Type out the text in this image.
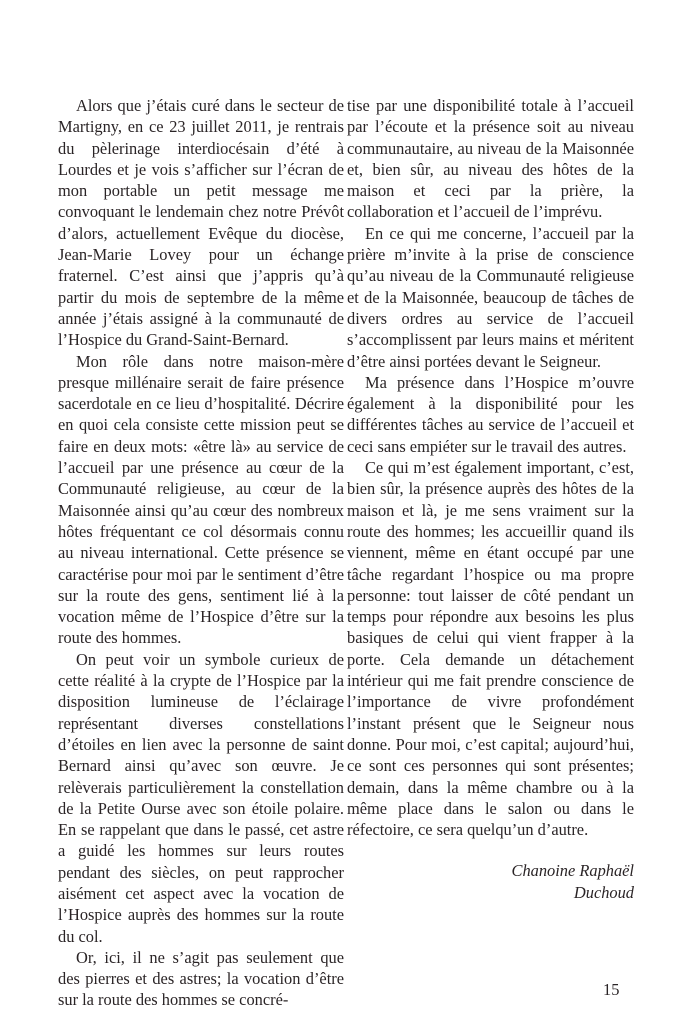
Alors que j’étais curé dans le secteur de Martigny, en ce 23 juillet 2011, je rentrais du pèlerinage interdiocésain d’été à Lourdes et je vois s’afficher sur l’écran de mon portable un petit message me convoquant le lendemain chez notre Prévôt d’alors, actuellement Evêque du diocèse, Jean-Marie Lovey pour un échange fraternel. C’est ainsi que j’appris qu’à partir du mois de septembre de la même année j’étais assigné à la communauté de l’Hospice du Grand-Saint-Bernard.

Mon rôle dans notre maison-mère presque millénaire serait de faire présence sacerdotale en ce lieu d’hospitalité. Décrire en quoi cela consiste cette mission peut se faire en deux mots: «être là» au service de l’accueil par une présence au cœur de la Communauté religieuse, au cœur de la Maisonnée ainsi qu’au cœur des nombreux hôtes fréquentant ce col désormais connu au niveau international. Cette présence se caractérise pour moi par le sentiment d’être sur la route des gens, sentiment lié à la vocation même de l’Hospice d’être sur la route des hommes.

On peut voir un symbole curieux de cette réalité à la crypte de l’Hospice par la disposition lumineuse de l’éclairage représentant diverses constellations d’étoiles en lien avec la personne de saint Bernard ainsi qu’avec son œuvre. Je relèverais particulièrement la constellation de la Petite Ourse avec son étoile polaire. En se rappelant que dans le passé, cet astre a guidé les hommes sur leurs routes pendant des siècles, on peut rapprocher aisément cet aspect avec la vocation de l’Hospice auprès des hommes sur la route du col.

Or, ici, il ne s’agit pas seulement que des pierres et des astres; la vocation d’être sur la route des hommes se concré-

tise par une disponibilité totale à l’accueil par l’écoute et la présence soit au niveau communautaire, au niveau de la Maisonnée et, bien sûr, au niveau des hôtes de la maison et ceci par la prière, la collaboration et l’accueil de l’imprévu.

En ce qui me concerne, l’accueil par la prière m’invite à la prise de conscience qu’au niveau de la Communauté religieuse et de la Maisonnée, beaucoup de tâches de divers ordres au service de l’accueil s’accomplissent par leurs mains et méritent d’être ainsi portées devant le Seigneur.

Ma présence dans l’Hospice m’ouvre également à la disponibilité pour les différentes tâches au service de l’accueil et ceci sans empiéter sur le travail des autres.

Ce qui m’est également important, c’est, bien sûr, la présence auprès des hôtes de la maison et là, je me sens vraiment sur la route des hommes; les accueillir quand ils viennent, même en étant occupé par une tâche regardant l’hospice ou ma propre personne: tout laisser de côté pendant un temps pour répondre aux besoins les plus basiques de celui qui vient frapper à la porte. Cela demande un détachement intérieur qui me fait prendre conscience de l’importance de vivre profondément l’instant présent que le Seigneur nous donne. Pour moi, c’est capital; aujourd’hui, ce sont ces personnes qui sont présentes; demain, dans la même chambre ou à la même place dans le salon ou dans le réfectoire, ce sera quelqu’un d’autre.

Chanoine Raphaël
Duchoud
15
